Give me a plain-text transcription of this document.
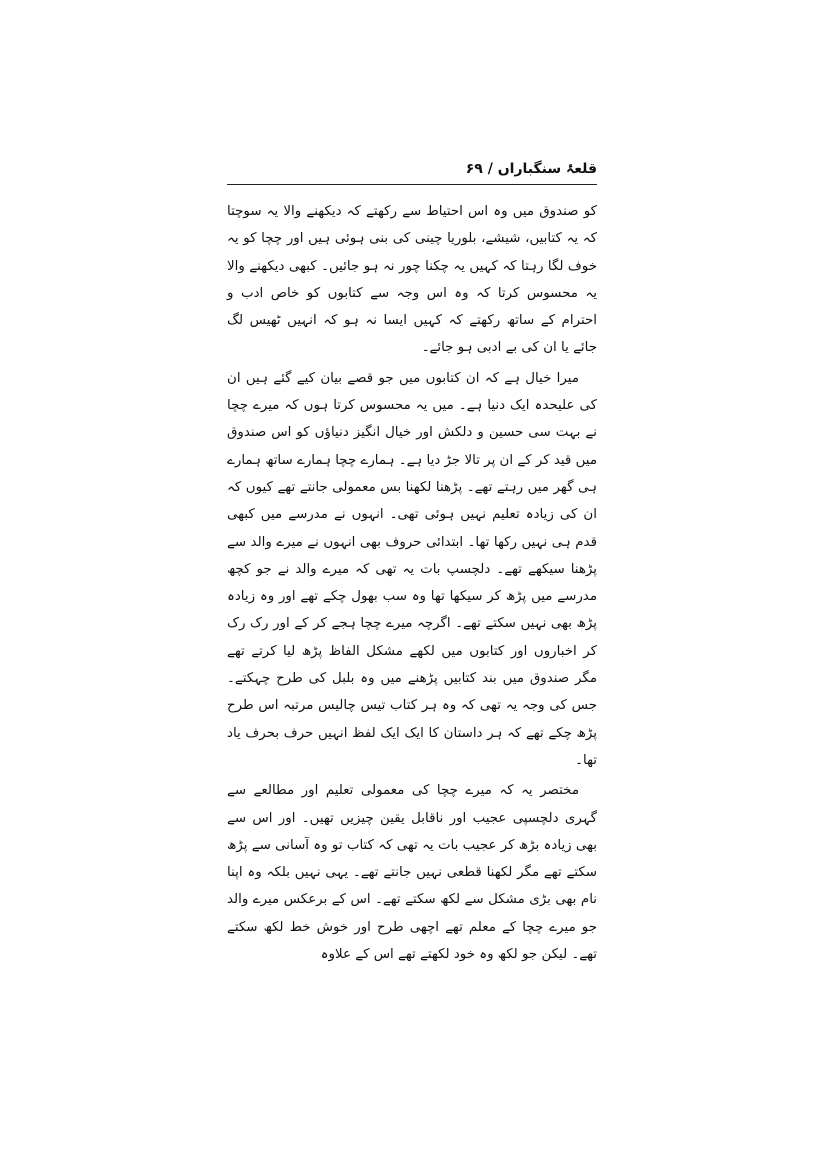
قلعۂ سنگباراں / ۶۹

کو صندوق میں وہ اس احتیاط سے رکھتے کہ دیکھنے والا یہ سوچتا کہ یہ کتابیں، شیشے، بلوریا چینی کی بنی ہوئی ہیں اور چچا کو یہ خوف لگا رہتا کہ کہیں یہ چکنا چور نہ ہو جائیں۔ کبھی دیکھنے والا یہ محسوس کرتا کہ وہ اس وجہ سے کتابوں کو خاص ادب و احترام کے ساتھ رکھتے کہ کہیں ایسا نہ ہو کہ انہیں ٹھیس لگ جائے یا ان کی بے ادبی ہو جائے۔

میرا خیال ہے کہ ان کتابوں میں جو قصے بیان کیے گئے ہیں ان کی علیحدہ ایک دنیا ہے۔ میں یہ محسوس کرتا ہوں کہ میرے چچا نے بہت سی حسین و دلکش اور خیال انگیز دنیاؤں کو اس صندوق میں قید کر کے ان پر تالا جڑ دیا ہے۔ ہمارے چچا ہمارے ساتھ ہمارے ہی گھر میں رہتے تھے۔ پڑھنا لکھنا بس معمولی جانتے تھے کیوں کہ ان کی زیادہ تعلیم نہیں ہوئی تھی۔ انہوں نے مدرسے میں کبھی قدم ہی نہیں رکھا تھا۔ ابتدائی حروف بھی انہوں نے میرے والد سے پڑھنا سیکھے تھے۔ دلچسپ بات یہ تھی کہ میرے والد نے جو کچھ مدرسے میں پڑھ کر سیکھا تھا وہ سب بھول چکے تھے اور وہ زیادہ پڑھ بھی نہیں سکتے تھے۔ اگرچہ میرے چچا ہجے کر کے اور رک رک کر اخباروں اور کتابوں میں لکھے مشکل الفاظ پڑھ لیا کرتے تھے مگر صندوق میں بند کتابیں پڑھنے میں وہ بلبل کی طرح چہکتے۔ جس کی وجہ یہ تھی کہ وہ ہر کتاب تیس چالیس مرتبہ اس طرح پڑھ چکے تھے کہ ہر داستان کا ایک ایک لفظ انہیں حرف بحرف یاد تھا۔

مختصر یہ کہ میرے چچا کی معمولی تعلیم اور مطالعے سے گہری دلچسپی عجیب اور ناقابل یقین چیزیں تھیں۔ اور اس سے بھی زیادہ بڑھ کر عجیب بات یہ تھی کہ کتاب تو وہ آسانی سے پڑھ سکتے تھے مگر لکھنا قطعی نہیں جانتے تھے۔ یہی نہیں بلکہ وہ اپنا نام بھی بڑی مشکل سے لکھ سکتے تھے۔ اس کے برعکس میرے والد جو میرے چچا کے معلم تھے اچھی طرح اور خوش خط لکھ سکتے تھے۔ لیکن جو لکھ وہ خود لکھتے تھے اس کے علاوہ
